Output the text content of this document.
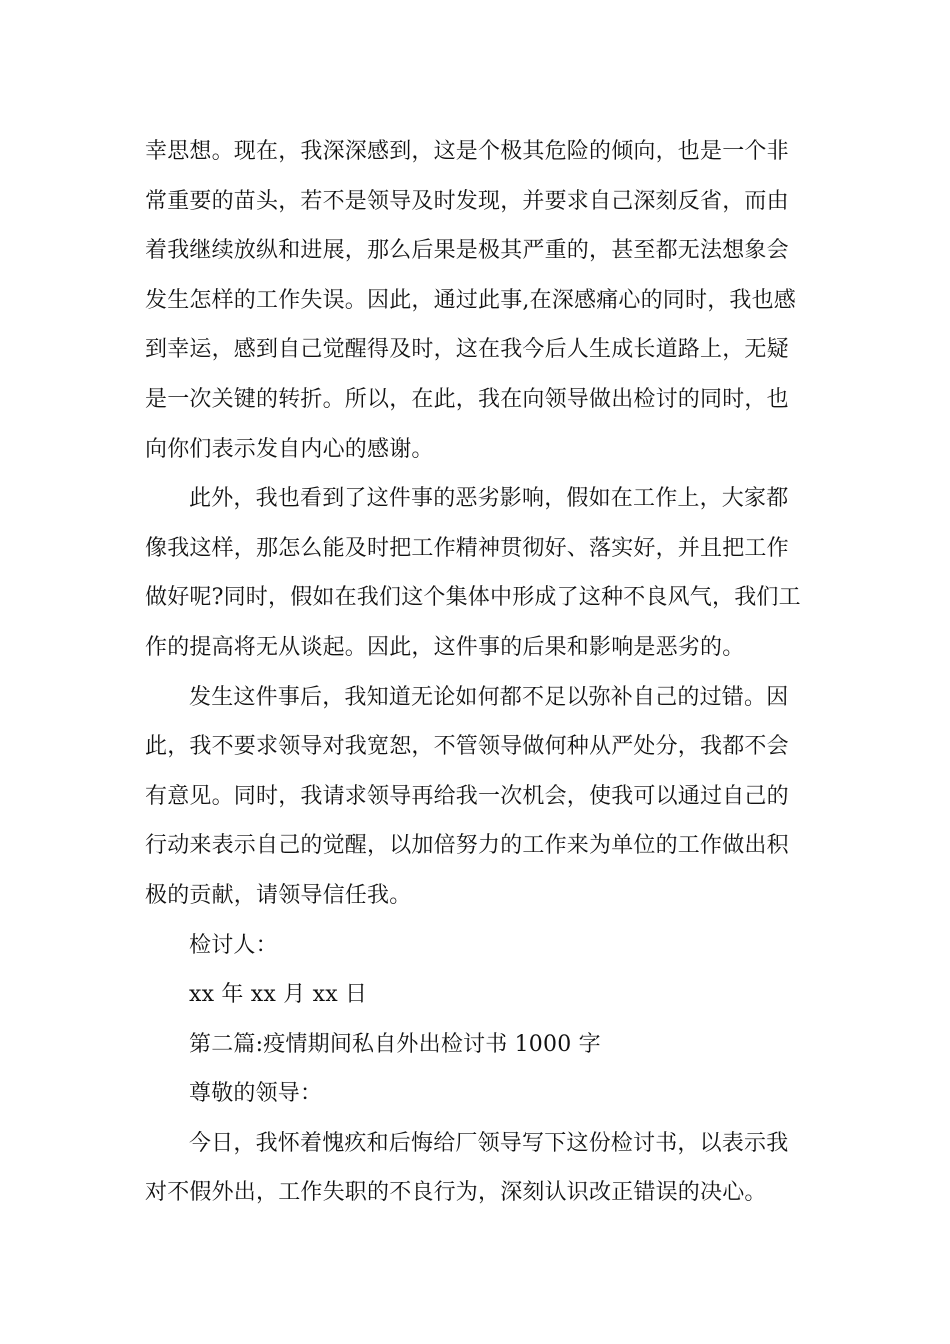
幸思想。现在，我深深感到，这是个极其危险的倾向，也是一个非
常重要的苗头，若不是领导及时发现，并要求自己深刻反省，而由
着我继续放纵和进展，那么后果是极其严重的，甚至都无法想象会
发生怎样的工作失误。因此，通过此事,在深感痛心的同时，我也感
到幸运，感到自己觉醒得及时，这在我今后人生成长道路上，无疑
是一次关键的转折。所以，在此，我在向领导做出检讨的同时，也
向你们表示发自内心的感谢。
此外，我也看到了这件事的恶劣影响，假如在工作上，大家都
像我这样，那怎么能及时把工作精神贯彻好、落实好，并且把工作
做好呢?同时，假如在我们这个集体中形成了这种不良风气，我们工
作的提高将无从谈起。因此，这件事的后果和影响是恶劣的。
发生这件事后，我知道无论如何都不足以弥补自己的过错。因
此，我不要求领导对我宽恕，不管领导做何种从严处分，我都不会
有意见。同时，我请求领导再给我一次机会，使我可以通过自己的
行动来表示自己的觉醒，以加倍努力的工作来为单位的工作做出积
极的贡献，请领导信任我。
检讨人：
xx 年 xx 月 xx 日
第二篇:疫情期间私自外出检讨书 1000 字
尊敬的领导：
今日，我怀着愧疚和后悔给厂领导写下这份检讨书，以表示我
对不假外出，工作失职的不良行为，深刻认识改正错误的决心。
